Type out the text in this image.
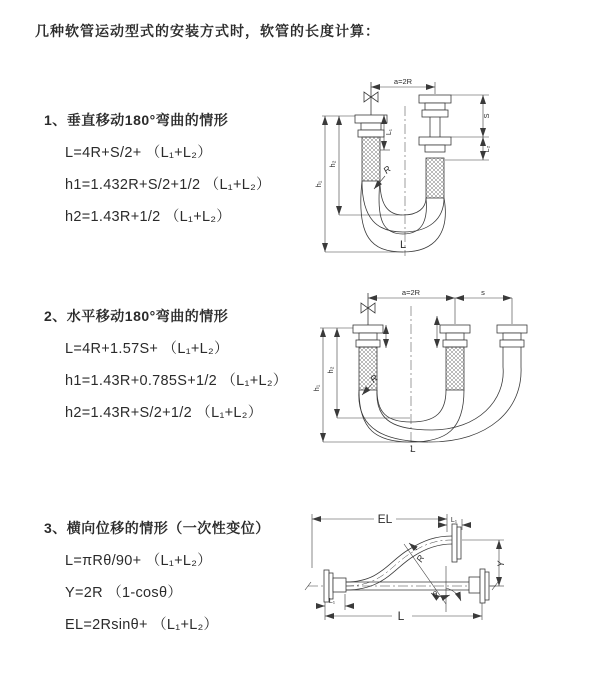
几种软管运动型式的安装方式时，软管的长度计算：
1、垂直移动180°弯曲的情形
L=4R+S/2+ （L₁+L₂）
h1=1.432R+S/2+1/2 （L₁+L₂）
h2=1.43R+1/2 （L₁+L₂）
2、水平移动180°弯曲的情形
L=4R+1.57S+ （L₁+L₂）
h1=1.43R+0.785S+1/2 （L₁+L₂）
h2=1.43R+S/2+1/2 （L₁+L₂）
3、横向位移的情形（一次性变位）
L=πRθ/90+ （L₁+L₂）
Y=2R （1-cosθ）
EL=2Rsinθ+ （L₁+L₂）
a=2R
h₁
h₂
L₁
S
L₂
R
L
a=2R	s
h₁
h₂
R
L
EL	L₁
Y
R
θ
L₁
L
